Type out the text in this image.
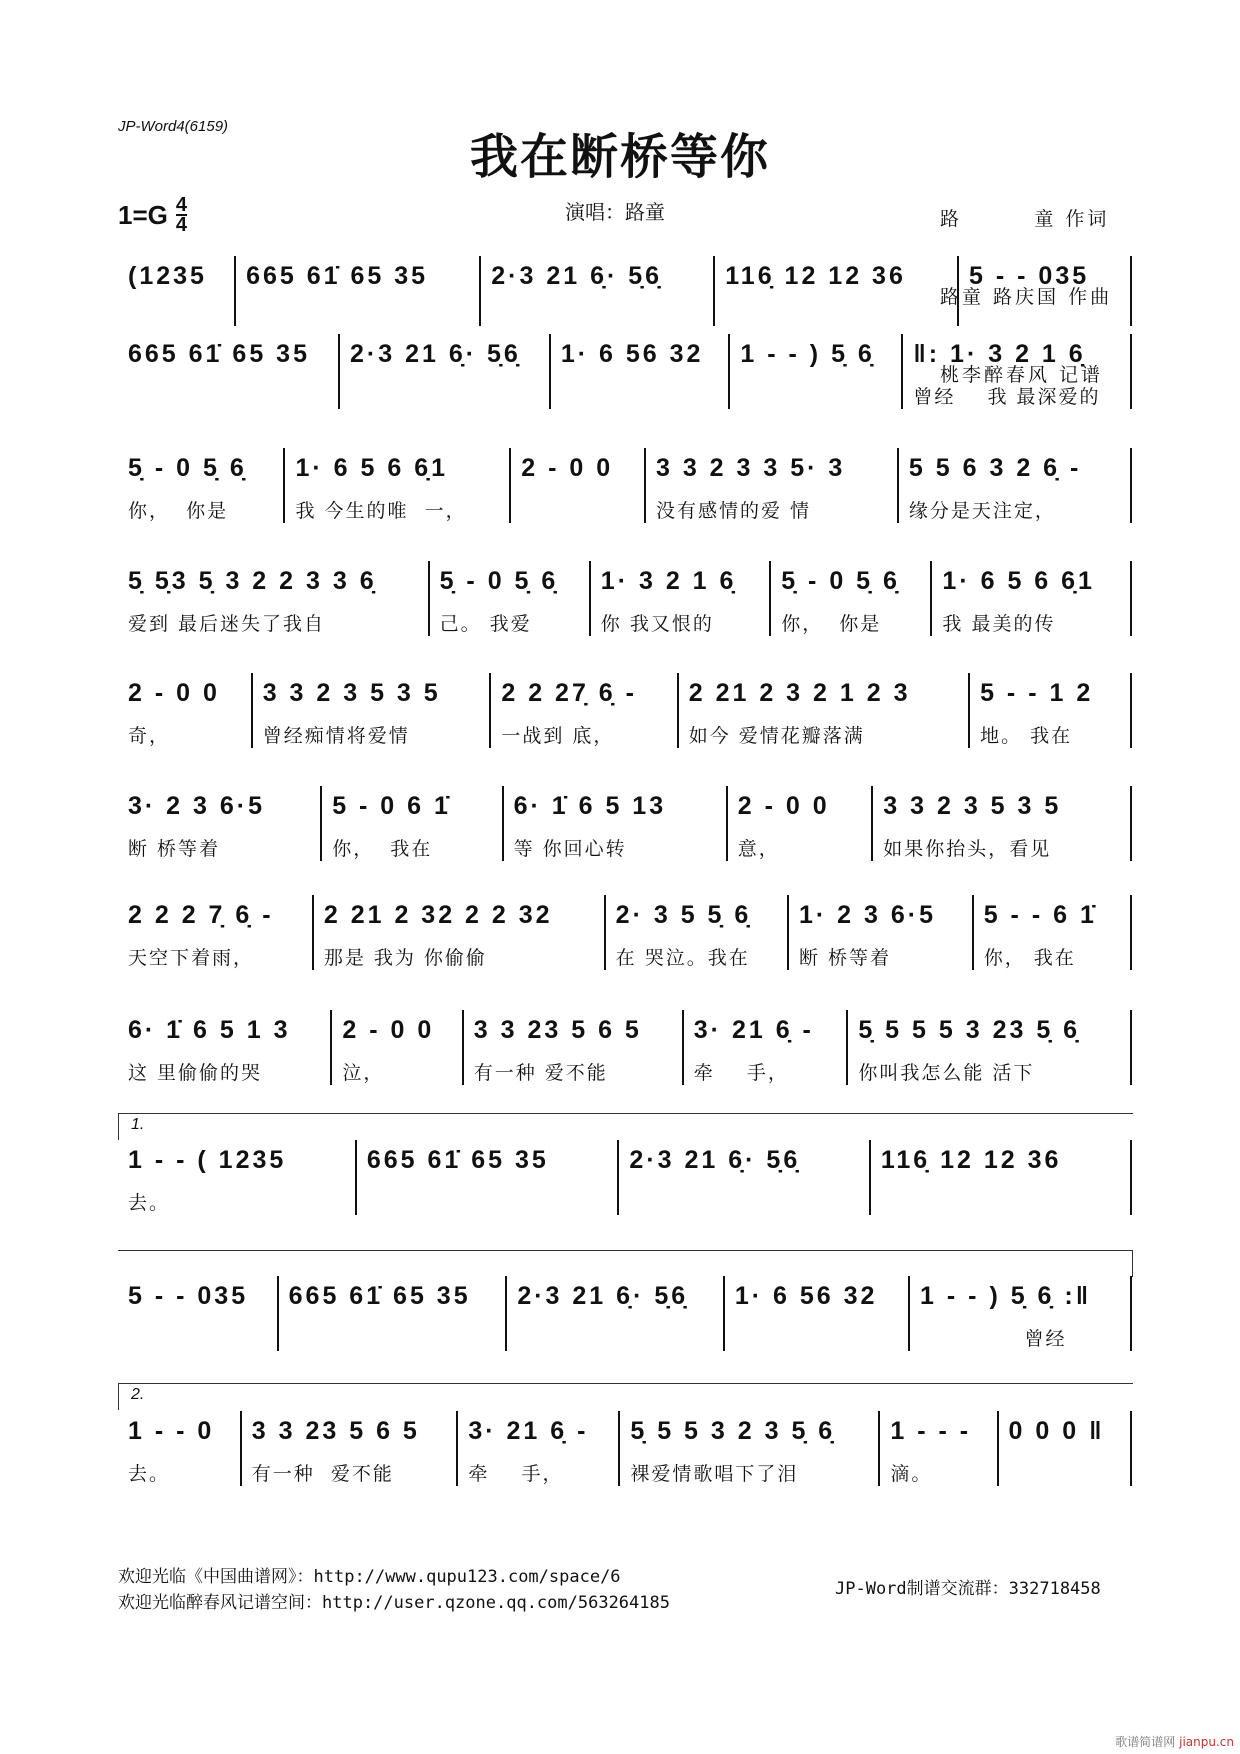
JP-Word4(6159)
我在断桥等你
$1=G \frac{4}{4}$	演唱：路童

	路        童 作词

路童 路庆国 作曲

桃李醉春风 记谱

(1235
	665 61̇ 65 35
	2·3 21 6̣· 5̣6̣
	116̣ 12 12 36
	5 - - 035

665 61̇ 65 35
	2·3 21 6̣· 5̣6̣
	1· 6 56 32
	1 - - ) 5̣ 6̣
	‖: 1· 3 2 1 6̣
曾经    我 最深爱的
5̣ - 0 5̣ 6̣
你，  你是
1· 6 5 6 6̣1
我 今生的唯  一，
2 - 0 0
	3 3 2 3 3 5· 3
没有感情的爱 情
5 5 6 3 2 6̣ -
缘分是天注定，
5̣ 5̣3 5̣ 3 2 2 3 3 6̣
爱到 最后迷失了我自
5̣ - 0 5̣ 6̣
己。 我爱
1· 3 2 1 6̣
你 我又恨的
5̣ - 0 5̣ 6̣
你，  你是
1· 6 5 6 6̣1
我 最美的传
2 - 0 0
奇，
3 3 2 3 5 3 5
曾经痴情将爱情
2 2 27̣ 6̣ -
一战到 底，
2 21 2 3 2 1 2 3
如今 爱情花瓣落满
5 - - 1 2
地。 我在
3· 2 3 6·5
断 桥等着
5 - 0 6 1̇
你，  我在
6· 1̇ 6 5 13
等 你回心转
2 - 0 0
意，
3 3 2 3 5 3 5
如果你抬头，看见
2 2 2 7̣ 6̣ -
天空下着雨，
2 21 2 32 2 2 32
那是 我为 你偷偷
2· 3 5 5̣ 6̣
在 哭泣。我在
1· 2 3 6·5
断 桥等着
5 - - 6 1̇
你， 我在
6· 1̇ 6 5 1 3
这 里偷偷的哭
2 - 0 0
泣，
3 3 23 5 6 5
有一种 爱不能
3· 21 6̣ -
牵    手，
5̣ 5 5 5 3 23 5̣ 6̣
你叫我怎么能 活下
1.
1 - - ( 1235
去。
665 61̇ 65 35
	2·3 21 6̣· 5̣6̣
	116̣ 12 12 36

5 - - 035
	665 61̇ 65 35
	2·3 21 6̣· 5̣6̣
	1· 6 56 32
	1 - - ) 5̣ 6̣ :‖
曾经
2.
1 - - 0
去。
3 3 23 5 6 5
有一种  爱不能
3· 21 6̣ -
牵    手，
5̣ 5 5 3 2 3 5̣ 6̣
裸爱情歌唱下了泪
1 - - -
滴。
0 0 0 ‖

欢迎光临《中国曲谱网》：http://www.qupu123.com/space/6
欢迎光临醉春风记谱空间：http://user.qzone.qq.com/563264185
JP-Word制谱交流群：332718458
歌谱简谱网 jianpu.cn
